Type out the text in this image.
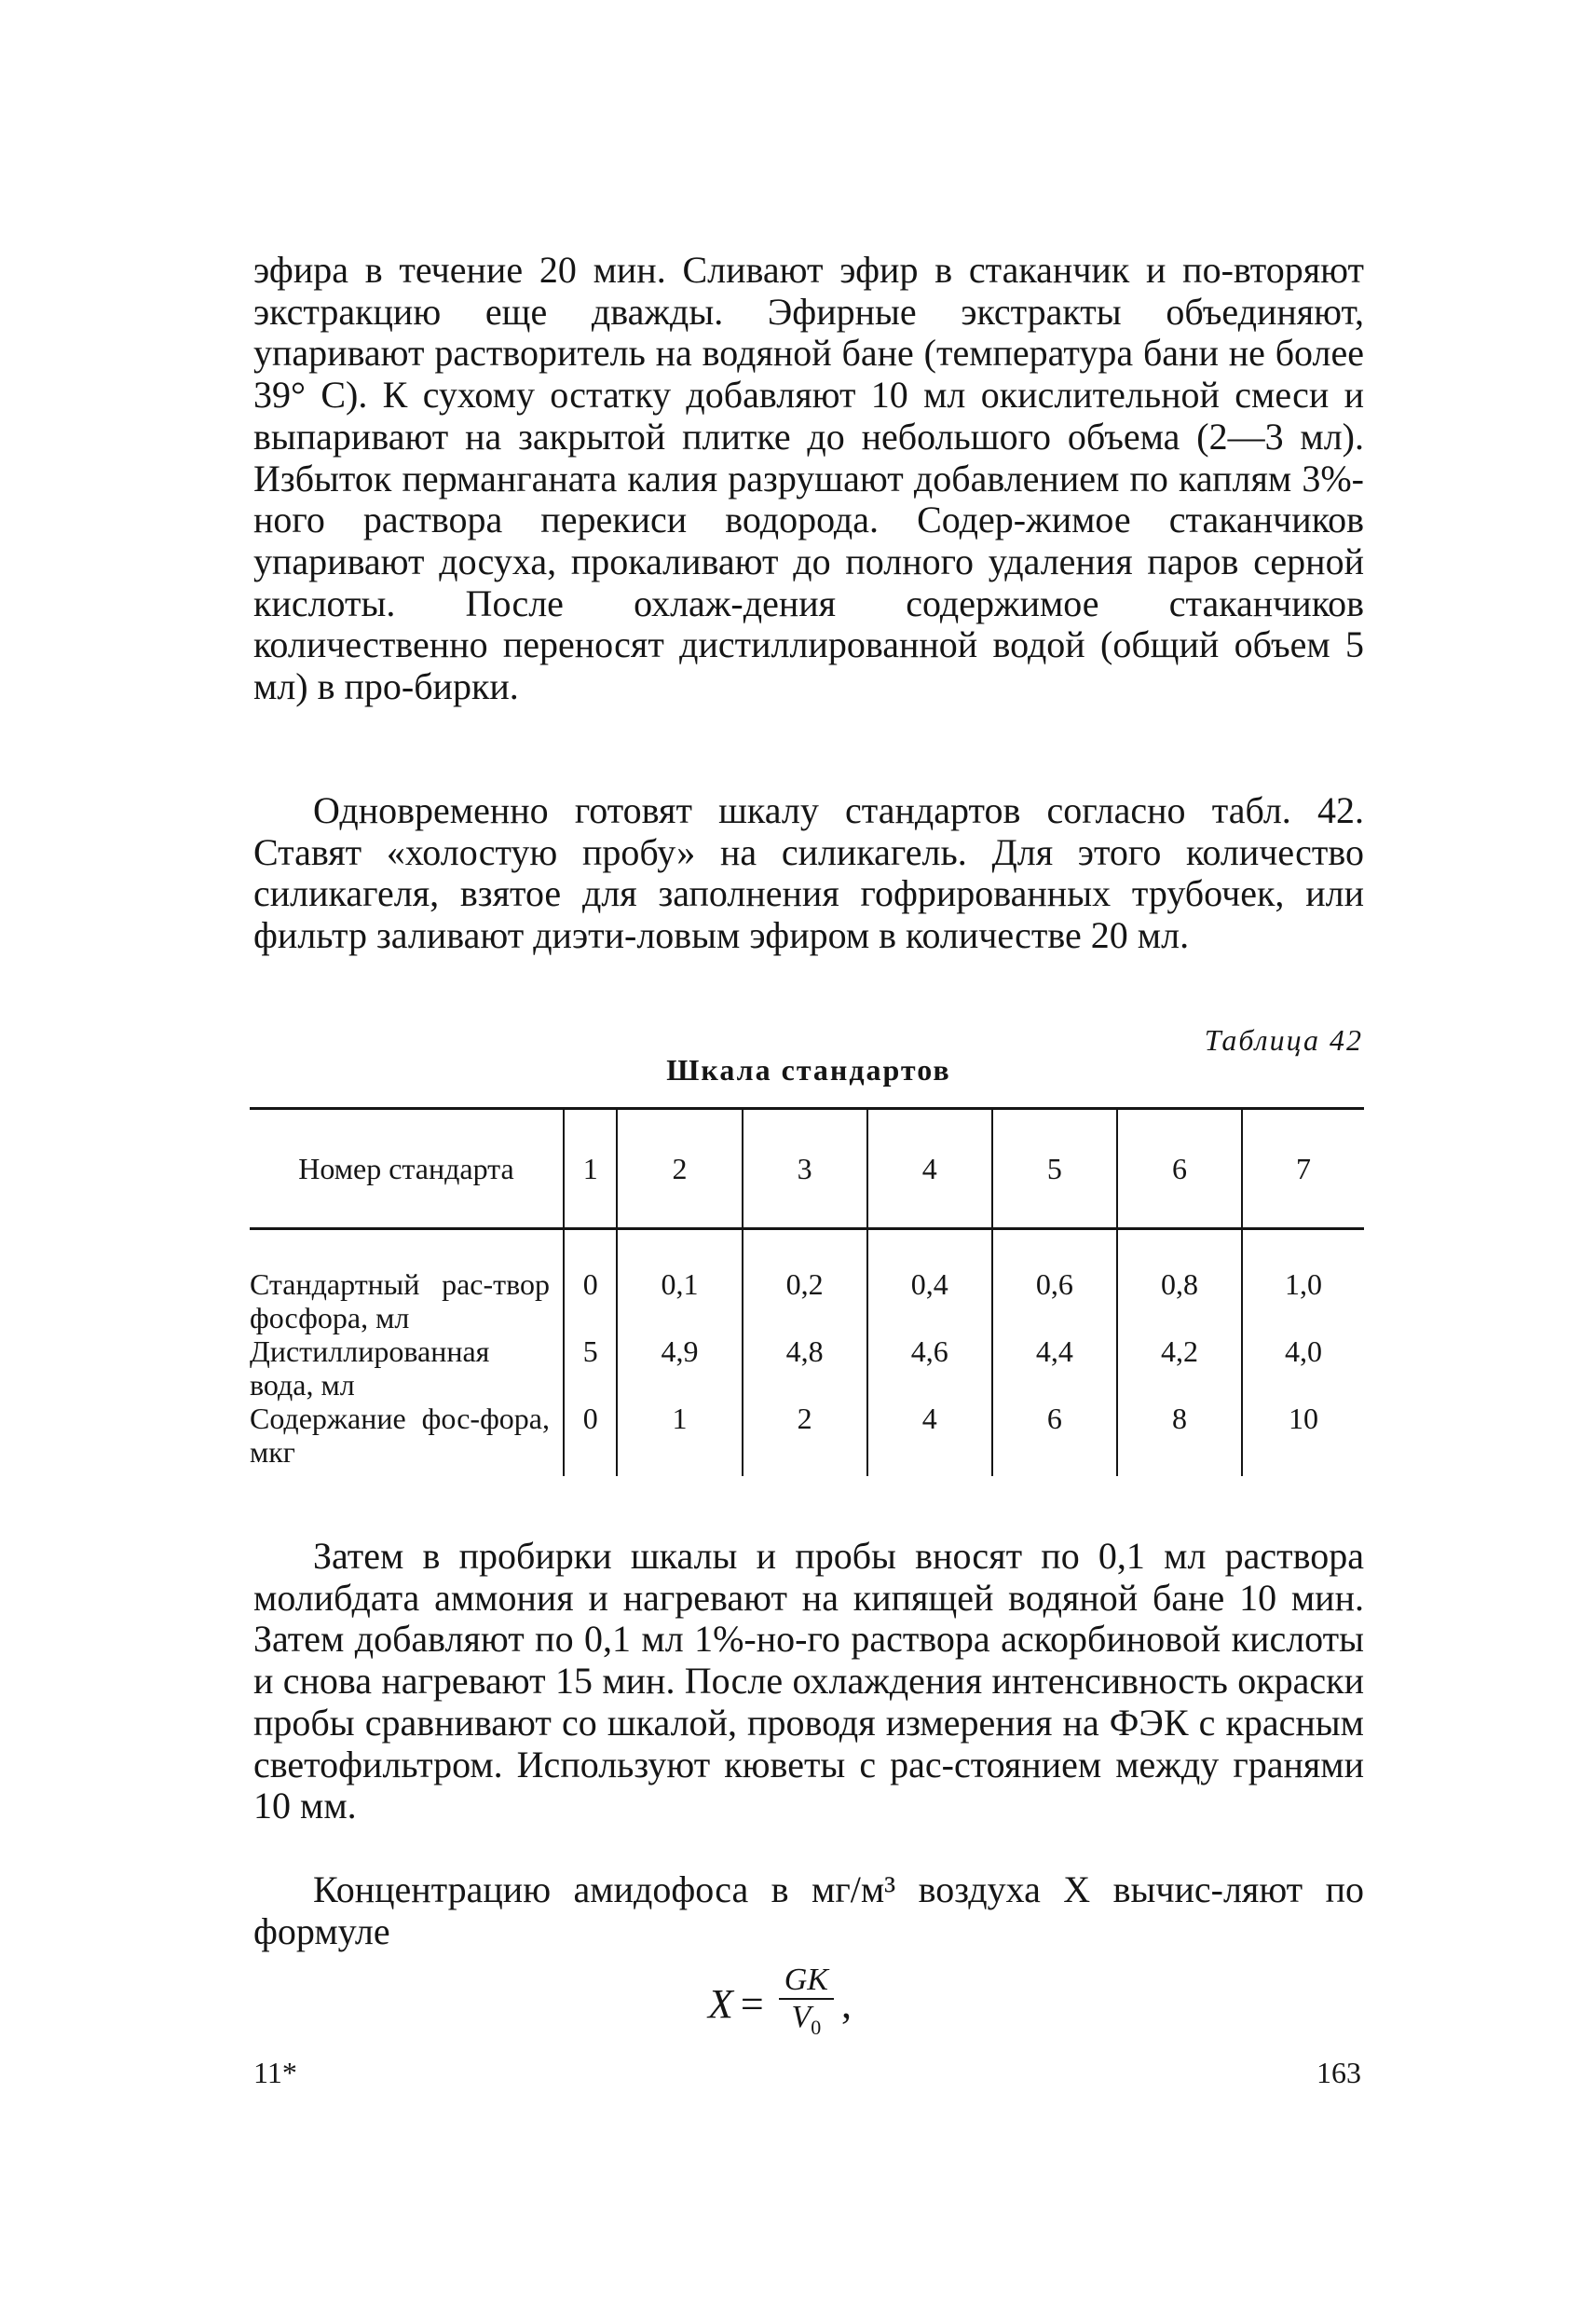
эфира в течение 20 мин. Сливают эфир в стаканчик и по-вторяют экстракцию еще дважды. Эфирные экстракты объединяют, упаривают растворитель на водяной бане (температура бани не более 39° С). К сухому остатку добавляют 10 мл окислительной смеси и выпаривают на закрытой плитке до небольшого объема (2—3 мл). Избыток перманганата калия разрушают добавлением по каплям 3%-ного раствора перекиси водорода. Содер-жимое стаканчиков упаривают досуха, прокаливают до полного удаления паров серной кислоты. После охлаж-дения содержимое стаканчиков количественно переносят дистиллированной водой (общий объем 5 мл) в про-бирки.

Одновременно готовят шкалу стандартов согласно табл. 42. Ставят «холостую пробу» на силикагель. Для этого количество силикагеля, взятое для заполнения гофрированных трубочек, или фильтр заливают диэти-ловым эфиром в количестве 20 мл.

Таблица 42
Шкала стандартов
Номер стандарта	1	2	3	4	5	6	7
Стандартный рас-твор фосфора, мл	0	0,1	0,2	0,4	0,6	0,8	1,0
Дистиллированная вода, мл	5	4,9	4,8	4,6	4,4	4,2	4,0
Содержание фос-фора, мкг	0	1	2	4	6	8	10

Затем в пробирки шкалы и пробы вносят по 0,1 мл раствора молибдата аммония и нагревают на кипящей водяной бане 10 мин. Затем добавляют по 0,1 мл 1%-но-го раствора аскорбиновой кислоты и снова нагревают 15 мин. После охлаждения интенсивность окраски пробы сравнивают со шкалой, проводя измерения на ФЭК с красным светофильтром. Используют кюветы с рас-стоянием между гранями 10 мм.

Концентрацию амидофоса в мг/м³ воздуха X вычис-ляют по формуле

$X = \frac{GK}{V_0}$ ,
11*	163
